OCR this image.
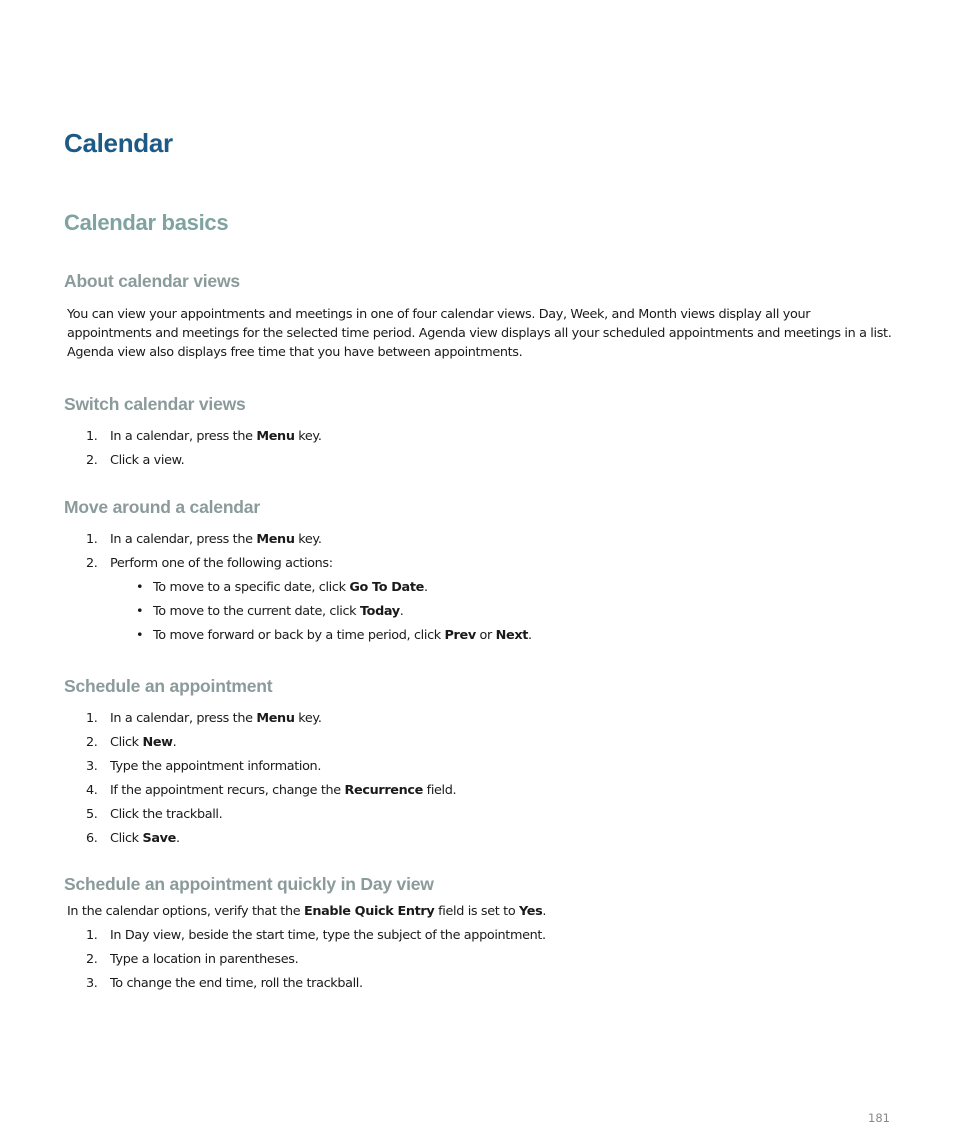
Calendar
Calendar basics
About calendar views

You can view your appointments and meetings in one of four calendar views. Day, Week, and Month views display all your appointments and meetings for the selected time period. Agenda view displays all your scheduled appointments and meetings in a list. Agenda view also displays free time that you have between appointments.

Switch calendar views
1. In a calendar, press the Menu key.
2. Click a view.
Move around a calendar
1. In a calendar, press the Menu key.
2. Perform one of the following actions:
• To move to a specific date, click Go To Date.
• To move to the current date, click Today.
• To move forward or back by a time period, click Prev or Next.
Schedule an appointment
1. In a calendar, press the Menu key.
2. Click New.
3. Type the appointment information.
4. If the appointment recurs, change the Recurrence field.
5. Click the trackball.
6. Click Save.
Schedule an appointment quickly in Day view

In the calendar options, verify that the Enable Quick Entry field is set to Yes.

1. In Day view, beside the start time, type the subject of the appointment.
2. Type a location in parentheses.
3. To change the end time, roll the trackball.
181
